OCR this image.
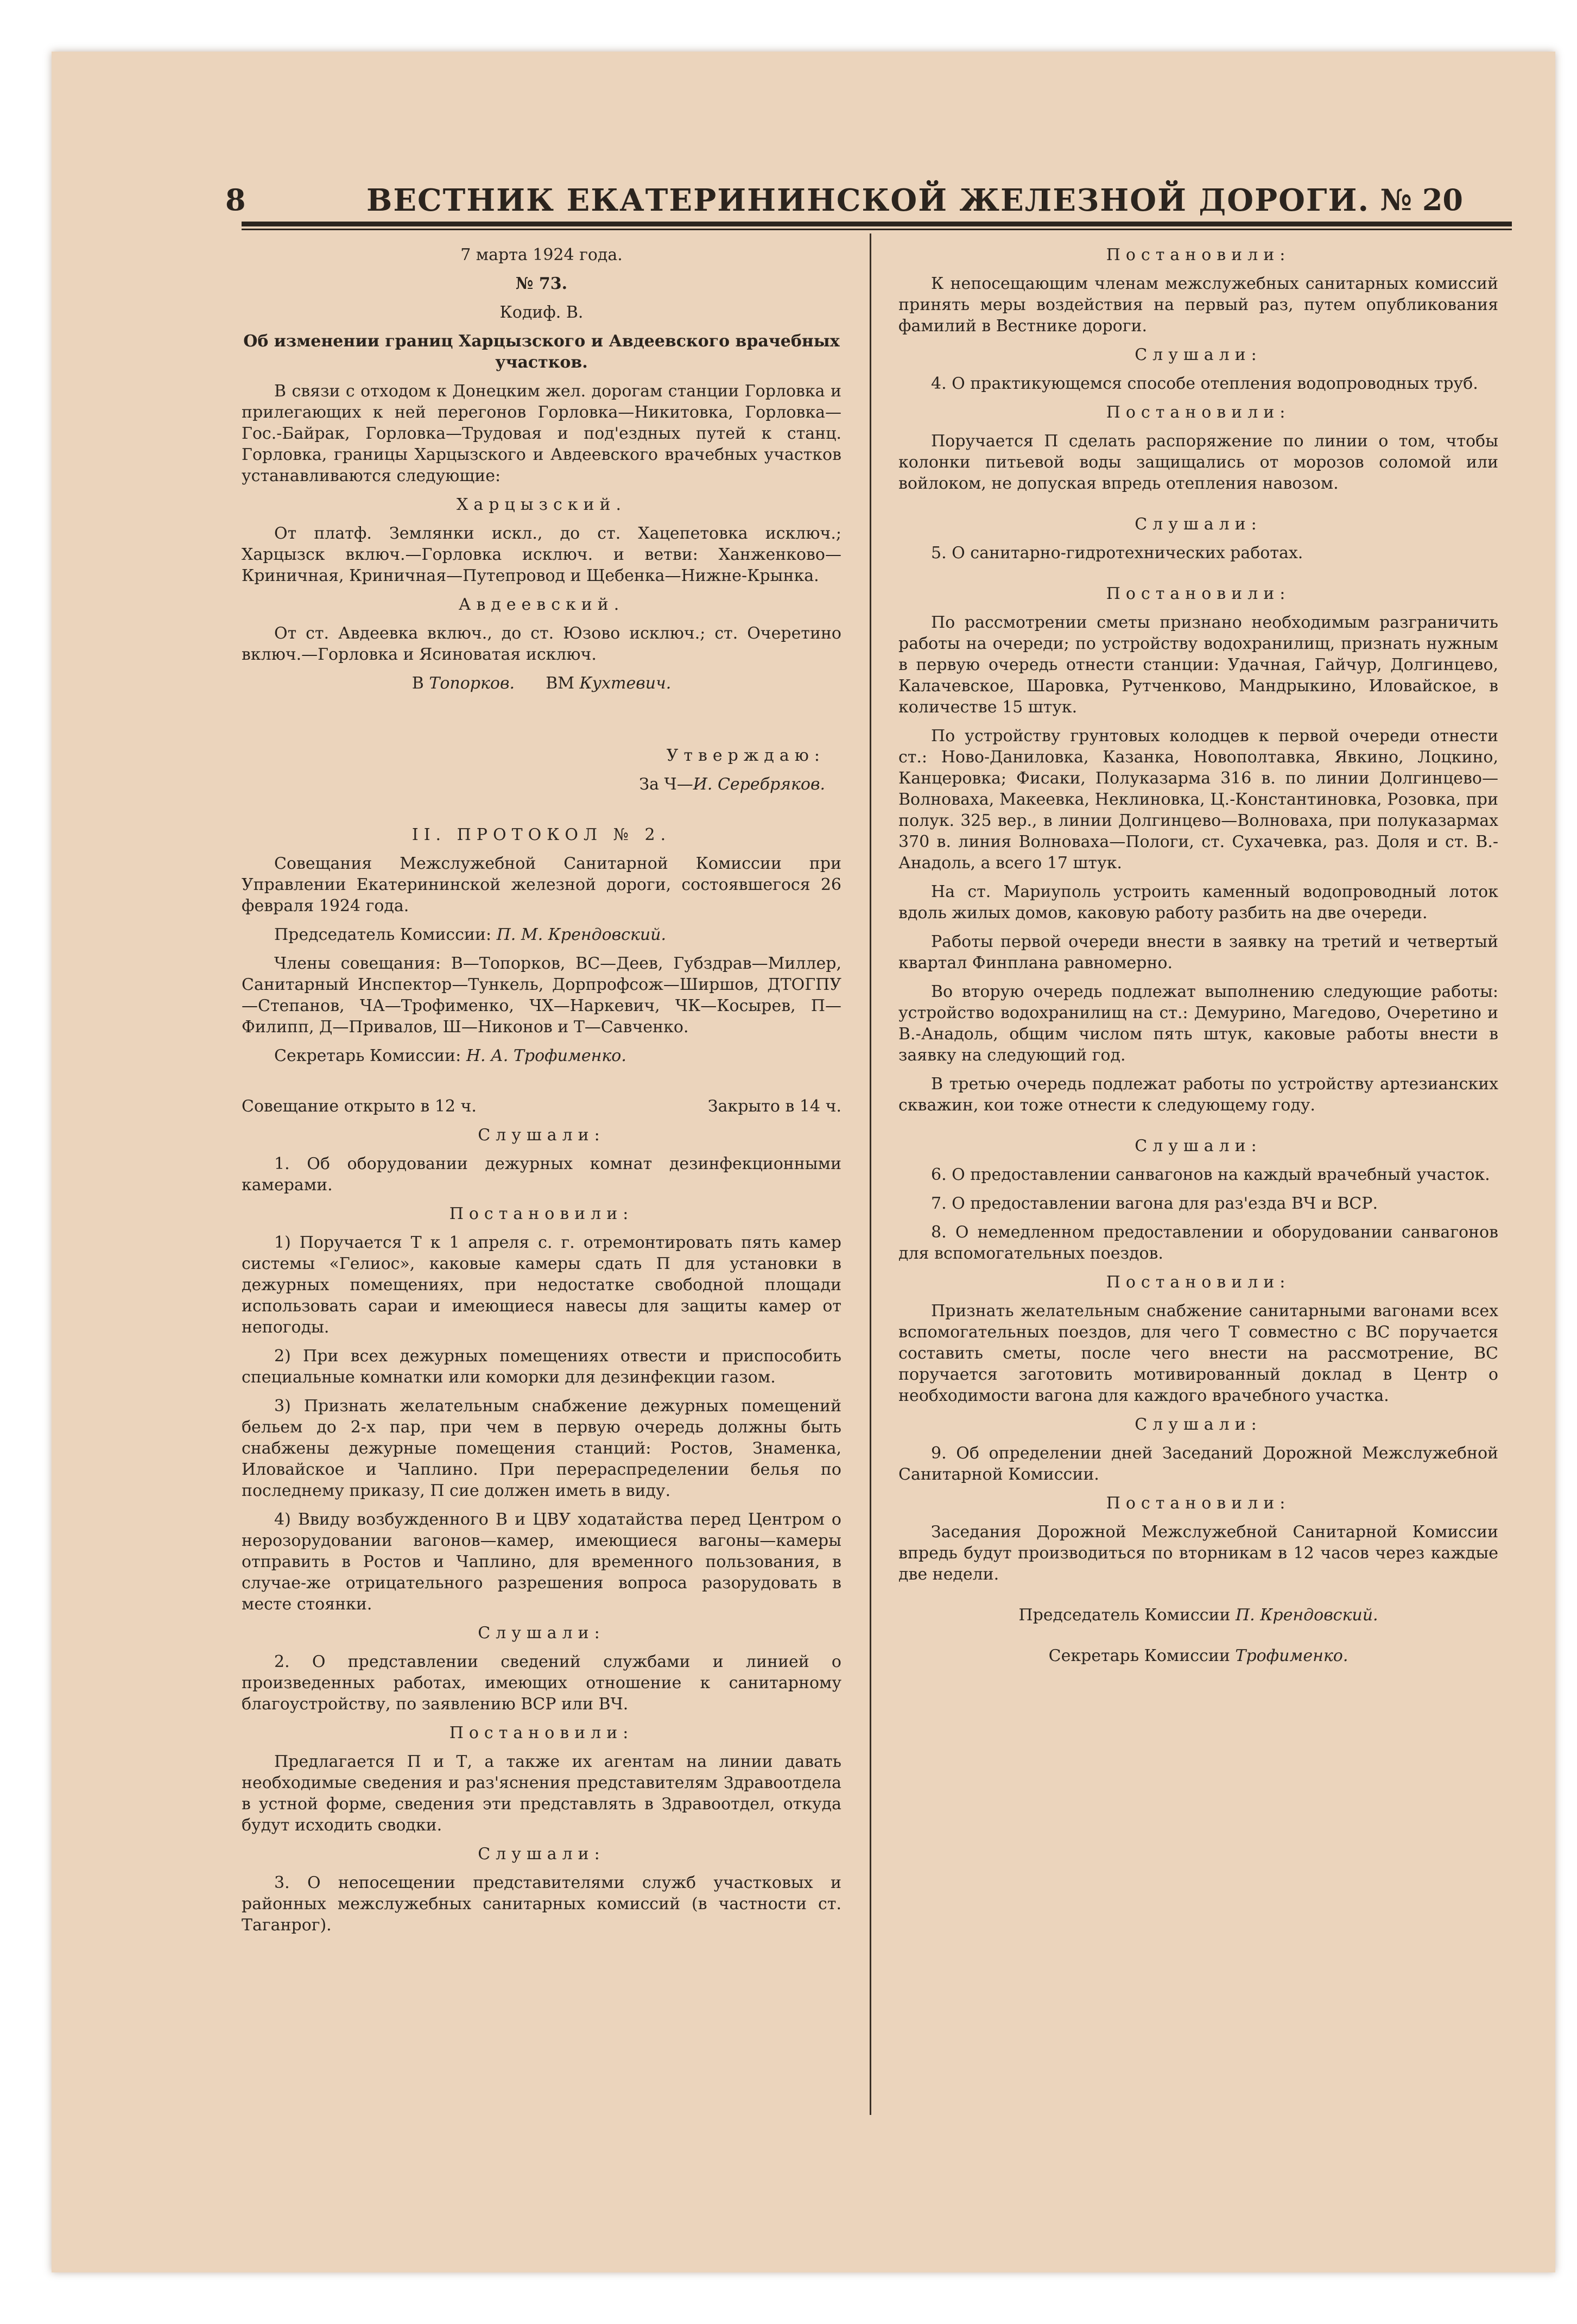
8	ВЕСТНИК ЕКАТЕРИНИНСКОЙ ЖЕЛЕЗНОЙ ДОРОГИ. № 20

7 марта 1924 года.

№ 73.

Кодиф. В.

Об изменении границ Харцызского и Авдеевского врачебных участков.

В связи с отходом к Донецким жел. дорогам станции Горловка и прилегающих к ней перегонов Горловка—Никитовка, Горловка—Гос.-Байрак, Горловка—Трудовая и под'ездных путей к станц. Горловка, границы Харцызского и Авдеевского врачебных участков устанавливаются следующие:

Харцызский.

От платф. Землянки искл., до ст. Хацепетовка исключ.; Харцызск включ.—Горловка исключ. и ветви: Ханженково—Криничная, Криничная—Путепровод и Щебенка—Нижне-Крынка.

Авдеевский.

От ст. Авдеевка включ., до ст. Юзово исключ.; ст. Очеретино включ.—Горловка и Ясиноватая исключ.

В Топорков. ВМ Кухтевич.

Утверждаю:

За Ч—И. Серебряков.

II. ПРОТОКОЛ № 2.

Совещания Межслужебной Санитарной Комиссии при Управлении Екатерининской железной дороги, состоявшегося 26 февраля 1924 года.

Председатель Комиссии: П. М. Крендовский.

Члены совещания: В—Топорков, ВС—Деев, Губздрав—Миллер, Санитарный Инспектор—Тункель, Дорпрофсож—Ширшов, ДТОГПУ—Степанов, ЧА—Трофименко, ЧХ—Наркевич, ЧК—Косырев, П—Филипп, Д—Привалов, Ш—Никонов и Т—Савченко.

Секретарь Комиссии: Н. А. Трофименко.

Совещание открыто в 12 ч.	Закрыто в 14 ч.

Слушали:

1. Об оборудовании дежурных комнат дезинфекционными камерами.

Постановили:

1) Поручается Т к 1 апреля с. г. отремонтировать пять камер системы «Гелиос», каковые камеры сдать П для установки в дежурных помещениях, при недостатке свободной площади использовать сараи и имеющиеся навесы для защиты камер от непогоды.

2) При всех дежурных помещениях отвести и приспособить специальные комнатки или коморки для дезинфекции газом.

3) Признать желательным снабжение дежурных помещений бельем до 2-х пар, при чем в первую очередь должны быть снабжены дежурные помещения станций: Ростов, Знаменка, Иловайское и Чаплино. При перераспределении белья по последнему приказу, П сие должен иметь в виду.

4) Ввиду возбужденного В и ЦВУ ходатайства перед Центром о нерозорудовании вагонов—камер, имеющиеся вагоны—камеры отправить в Ростов и Чаплино, для временного пользования, в случае-же отрицательного разрешения вопроса разорудовать в месте стоянки.

Слушали:

2. О представлении сведений службами и линией о произведенных работах, имеющих отношение к санитарному благоустройству, по заявлению ВСР или ВЧ.

Постановили:

Предлагается П и Т, а также их агентам на линии давать необходимые сведения и раз'яснения представителям Здравоотдела в устной форме, сведения эти представлять в Здравоотдел, откуда будут исходить сводки.

Слушали:

3. О непосещении представителями служб участковых и районных межслужебных санитарных комиссий (в частности ст. Таганрог).

Постановили:

К непосещающим членам межслужебных санитарных комиссий принять меры воздействия на первый раз, путем опубликования фамилий в Вестнике дороги.

Слушали:

4. О практикующемся способе отепления водопроводных труб.

Постановили:

Поручается П сделать распоряжение по линии о том, чтобы колонки питьевой воды защищались от морозов соломой или войлоком, не допуская впредь отепления навозом.

Слушали:

5. О санитарно-гидротехнических работах.

Постановили:

По рассмотрении сметы признано необходимым разграничить работы на очереди; по устройству водохранилищ, признать нужным в первую очередь отнести станции: Удачная, Гайчур, Долгинцево, Калачевское, Шаровка, Рутченково, Мандрыкино, Иловайское, в количестве 15 штук.

По устройству грунтовых колодцев к первой очереди отнести ст.: Ново-Даниловка, Казанка, Новополтавка, Явкино, Лоцкино, Канцеровка; Фисаки, Полуказарма 316 в. по линии Долгинцево—Волноваха, Макеевка, Неклиновка, Ц.-Константиновка, Розовка, при полук. 325 вер., в линии Долгинцево—Волноваха, при полуказармах 370 в. линия Волноваха—Пологи, ст. Сухачевка, раз. Доля и ст. В.-Анадоль, а всего 17 штук.

На ст. Мариуполь устроить каменный водопроводный лоток вдоль жилых домов, каковую работу разбить на две очереди.

Работы первой очереди внести в заявку на третий и четвертый квартал Финплана равномерно.

Во вторую очередь подлежат выполнению следующие работы: устройство водохранилищ на ст.: Демурино, Магедово, Очеретино и В.-Анадоль, общим числом пять штук, каковые работы внести в заявку на следующий год.

В третью очередь подлежат работы по устройству артезианских скважин, кои тоже отнести к следующему году.

Слушали:

6. О предоставлении санвагонов на каждый врачебный участок.

7. О предоставлении вагона для раз'езда ВЧ и ВСР.

8. О немедленном предоставлении и оборудовании санвагонов для вспомогательных поездов.

Постановили:

Признать желательным снабжение санитарными вагонами всех вспомогательных поездов, для чего Т совместно с ВС поручается составить сметы, после чего внести на рассмотрение, ВС поручается заготовить мотивированный доклад в Центр о необходимости вагона для каждого врачебного участка.

Слушали:

9. Об определении дней Заседаний Дорожной Межслужебной Санитарной Комиссии.

Постановили:

Заседания Дорожной Межслужебной Санитарной Комиссии впредь будут производиться по вторникам в 12 часов через каждые две недели.

Председатель Комиссии П. Крендовский.

Секретарь Комиссии Трофименко.
